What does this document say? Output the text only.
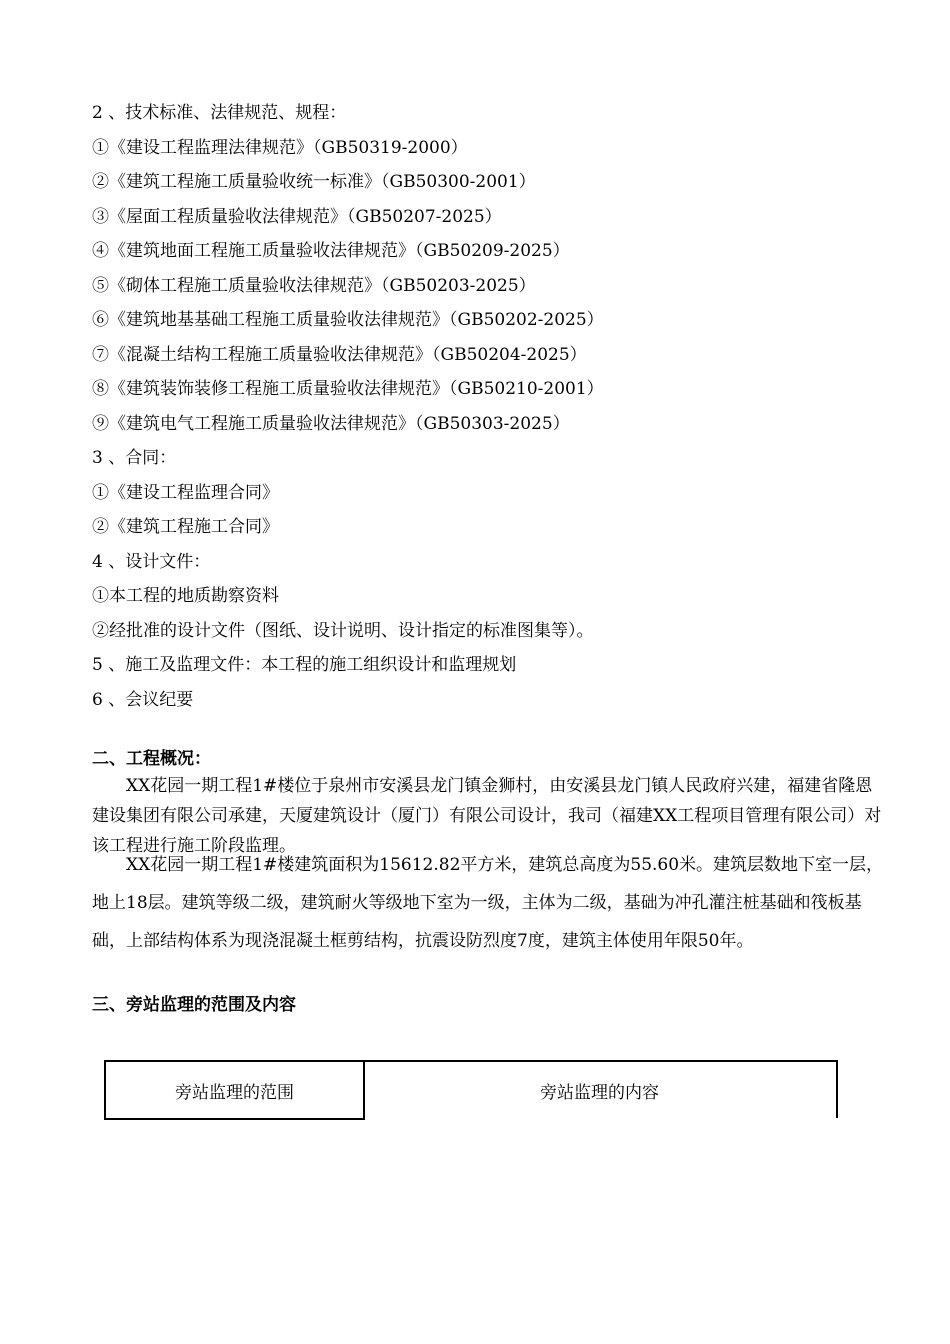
2 、技术标准、法律规范、规程：
①《建设工程监理法律规范》（GB50319-2000）
②《建筑工程施工质量验收统一标准》（GB50300-2001）
③《屋面工程质量验收法律规范》（GB50207-2025）
④《建筑地面工程施工质量验收法律规范》（GB50209-2025）
⑤《砌体工程施工质量验收法律规范》（GB50203-2025）
⑥《建筑地基基础工程施工质量验收法律规范》（GB50202-2025）
⑦《混凝土结构工程施工质量验收法律规范》（GB50204-2025）
⑧《建筑装饰装修工程施工质量验收法律规范》（GB50210-2001）
⑨《建筑电气工程施工质量验收法律规范》（GB50303-2025）
3 、合同：
①《建设工程监理合同》
②《建筑工程施工合同》
4 、设计文件：
①本工程的地质勘察资料
②经批准的设计文件（图纸、设计说明、设计指定的标准图集等）。
5 、施工及监理文件：本工程的施工组织设计和监理规划
6 、会议纪要
二、工程概况：
XX花园一期工程1#楼位于泉州市安溪县龙门镇金狮村，由安溪县龙门镇人民政府兴建，福建省隆恩建设集团有限公司承建，天厦建筑设计（厦门）有限公司设计，我司（福建XX工程项目管理有限公司）对该工程进行施工阶段监理。
XX花园一期工程1#楼建筑面积为15612.82平方米，建筑总高度为55.60米。建筑层数地下室一层，地上18层。建筑等级二级，建筑耐火等级地下室为一级，主体为二级，基础为冲孔灌注桩基础和筏板基础，上部结构体系为现浇混凝土框剪结构，抗震设防烈度7度，建筑主体使用年限50年。
三、旁站监理的范围及内容
旁站监理的范围	旁站监理的内容
